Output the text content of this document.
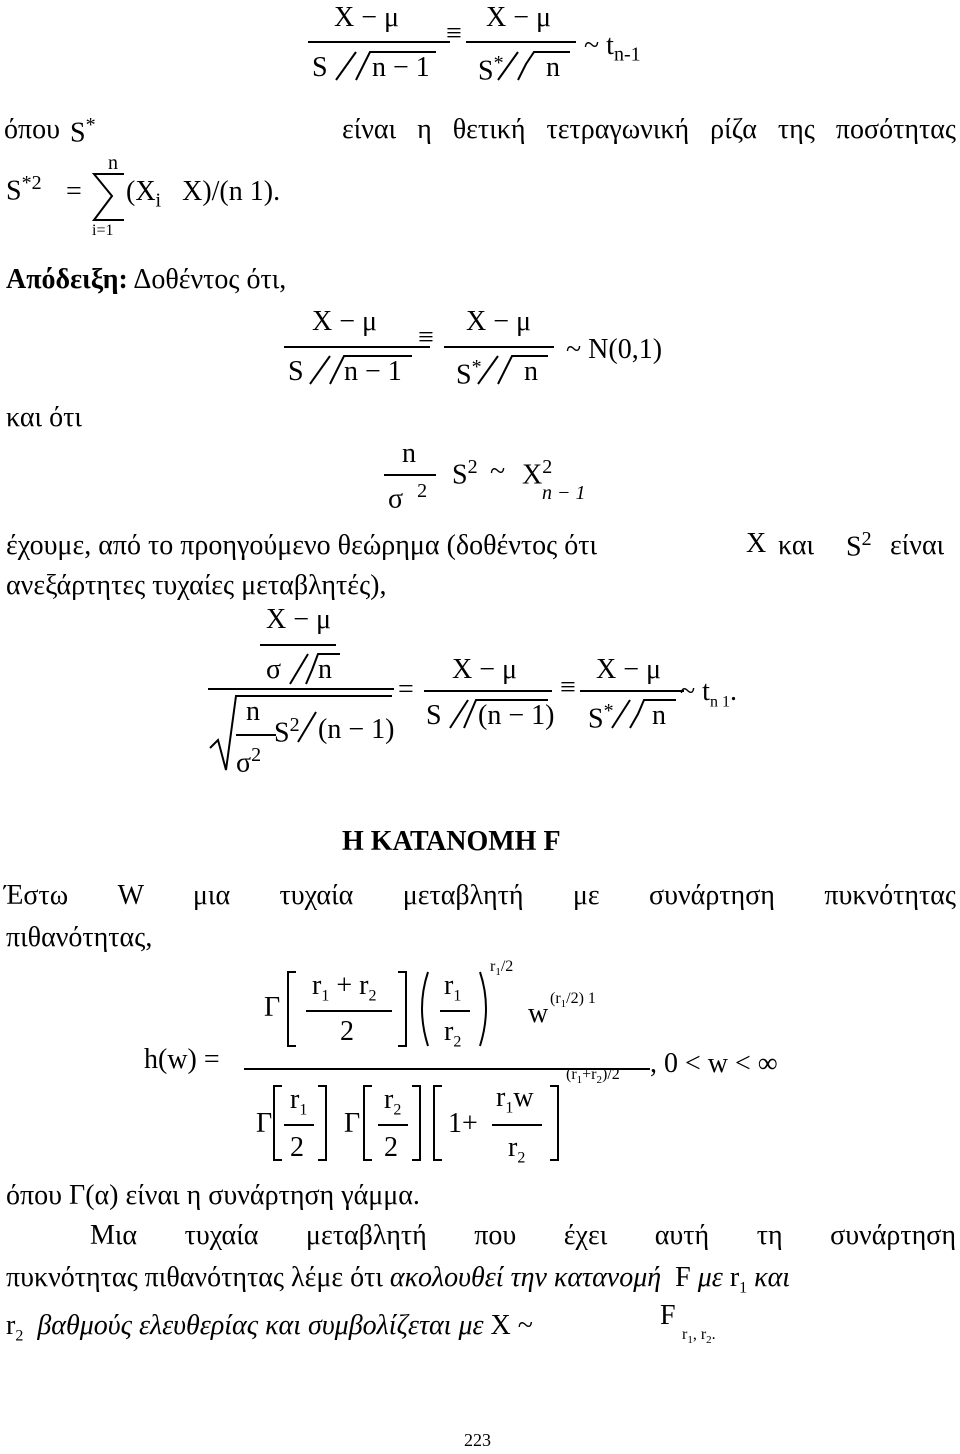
X − μ
S n − 1
≡
X − μ
S* n
~ $t_{n-1}$
όπου S*	είναι η θετική τετραγωνική ρίζα της ποσότητας
$S^{*2}$ =
n
i=1
($X_i$ X)/(n 1).
Απόδειξη: Δοθέντος ότι,
X − μ
S n − 1
≡
X − μ
S* n
~ N(0,1)
και ότι
n
σ $^2$
$S^2$ ~ $X^2$
n − 1
έχουμε, από το προηγούμενο θεώρημα (δοθέντος ότι	X και $S^2$ είναι
ανεξάρτητες τυχαίες μεταβλητές),
X − μ
σ n
n
$\sigma^2$
$S^2$ (n − 1)
=
X − μ
S (n − 1)
≡
X − μ
S* n
~ $t_{n 1}$.
Η ΚΑΤΑΝΟΜΗ F
Έστω W μια τυχαία μεταβλητή με συνάρτηση πυκνότητας
πιθανότητας,
h(w) =
Γ
$r_1 + r_2$
2
$r_1$
$r_2$
$r_1/2$
w $(r_1/2)$ 1
Γ
$r_1$
2
Γ
$r_2$
2
1+
$r_1w$
$r_2$
$(r_1+r_2)/2$ , 0 < w < ∞
όπου Γ(α) είναι η συνάρτηση γάμμα.
Μια τυχαία μεταβλητή που έχει αυτή τη συνάρτηση
πυκνότητας πιθανότητας λέμε ότι ακολουθεί την κατανομή F με $r_1$ και
$r_2$ βαθμούς ελευθερίας και συμβολίζεται με X ~	F
$r_1$, $r_2$.
223
